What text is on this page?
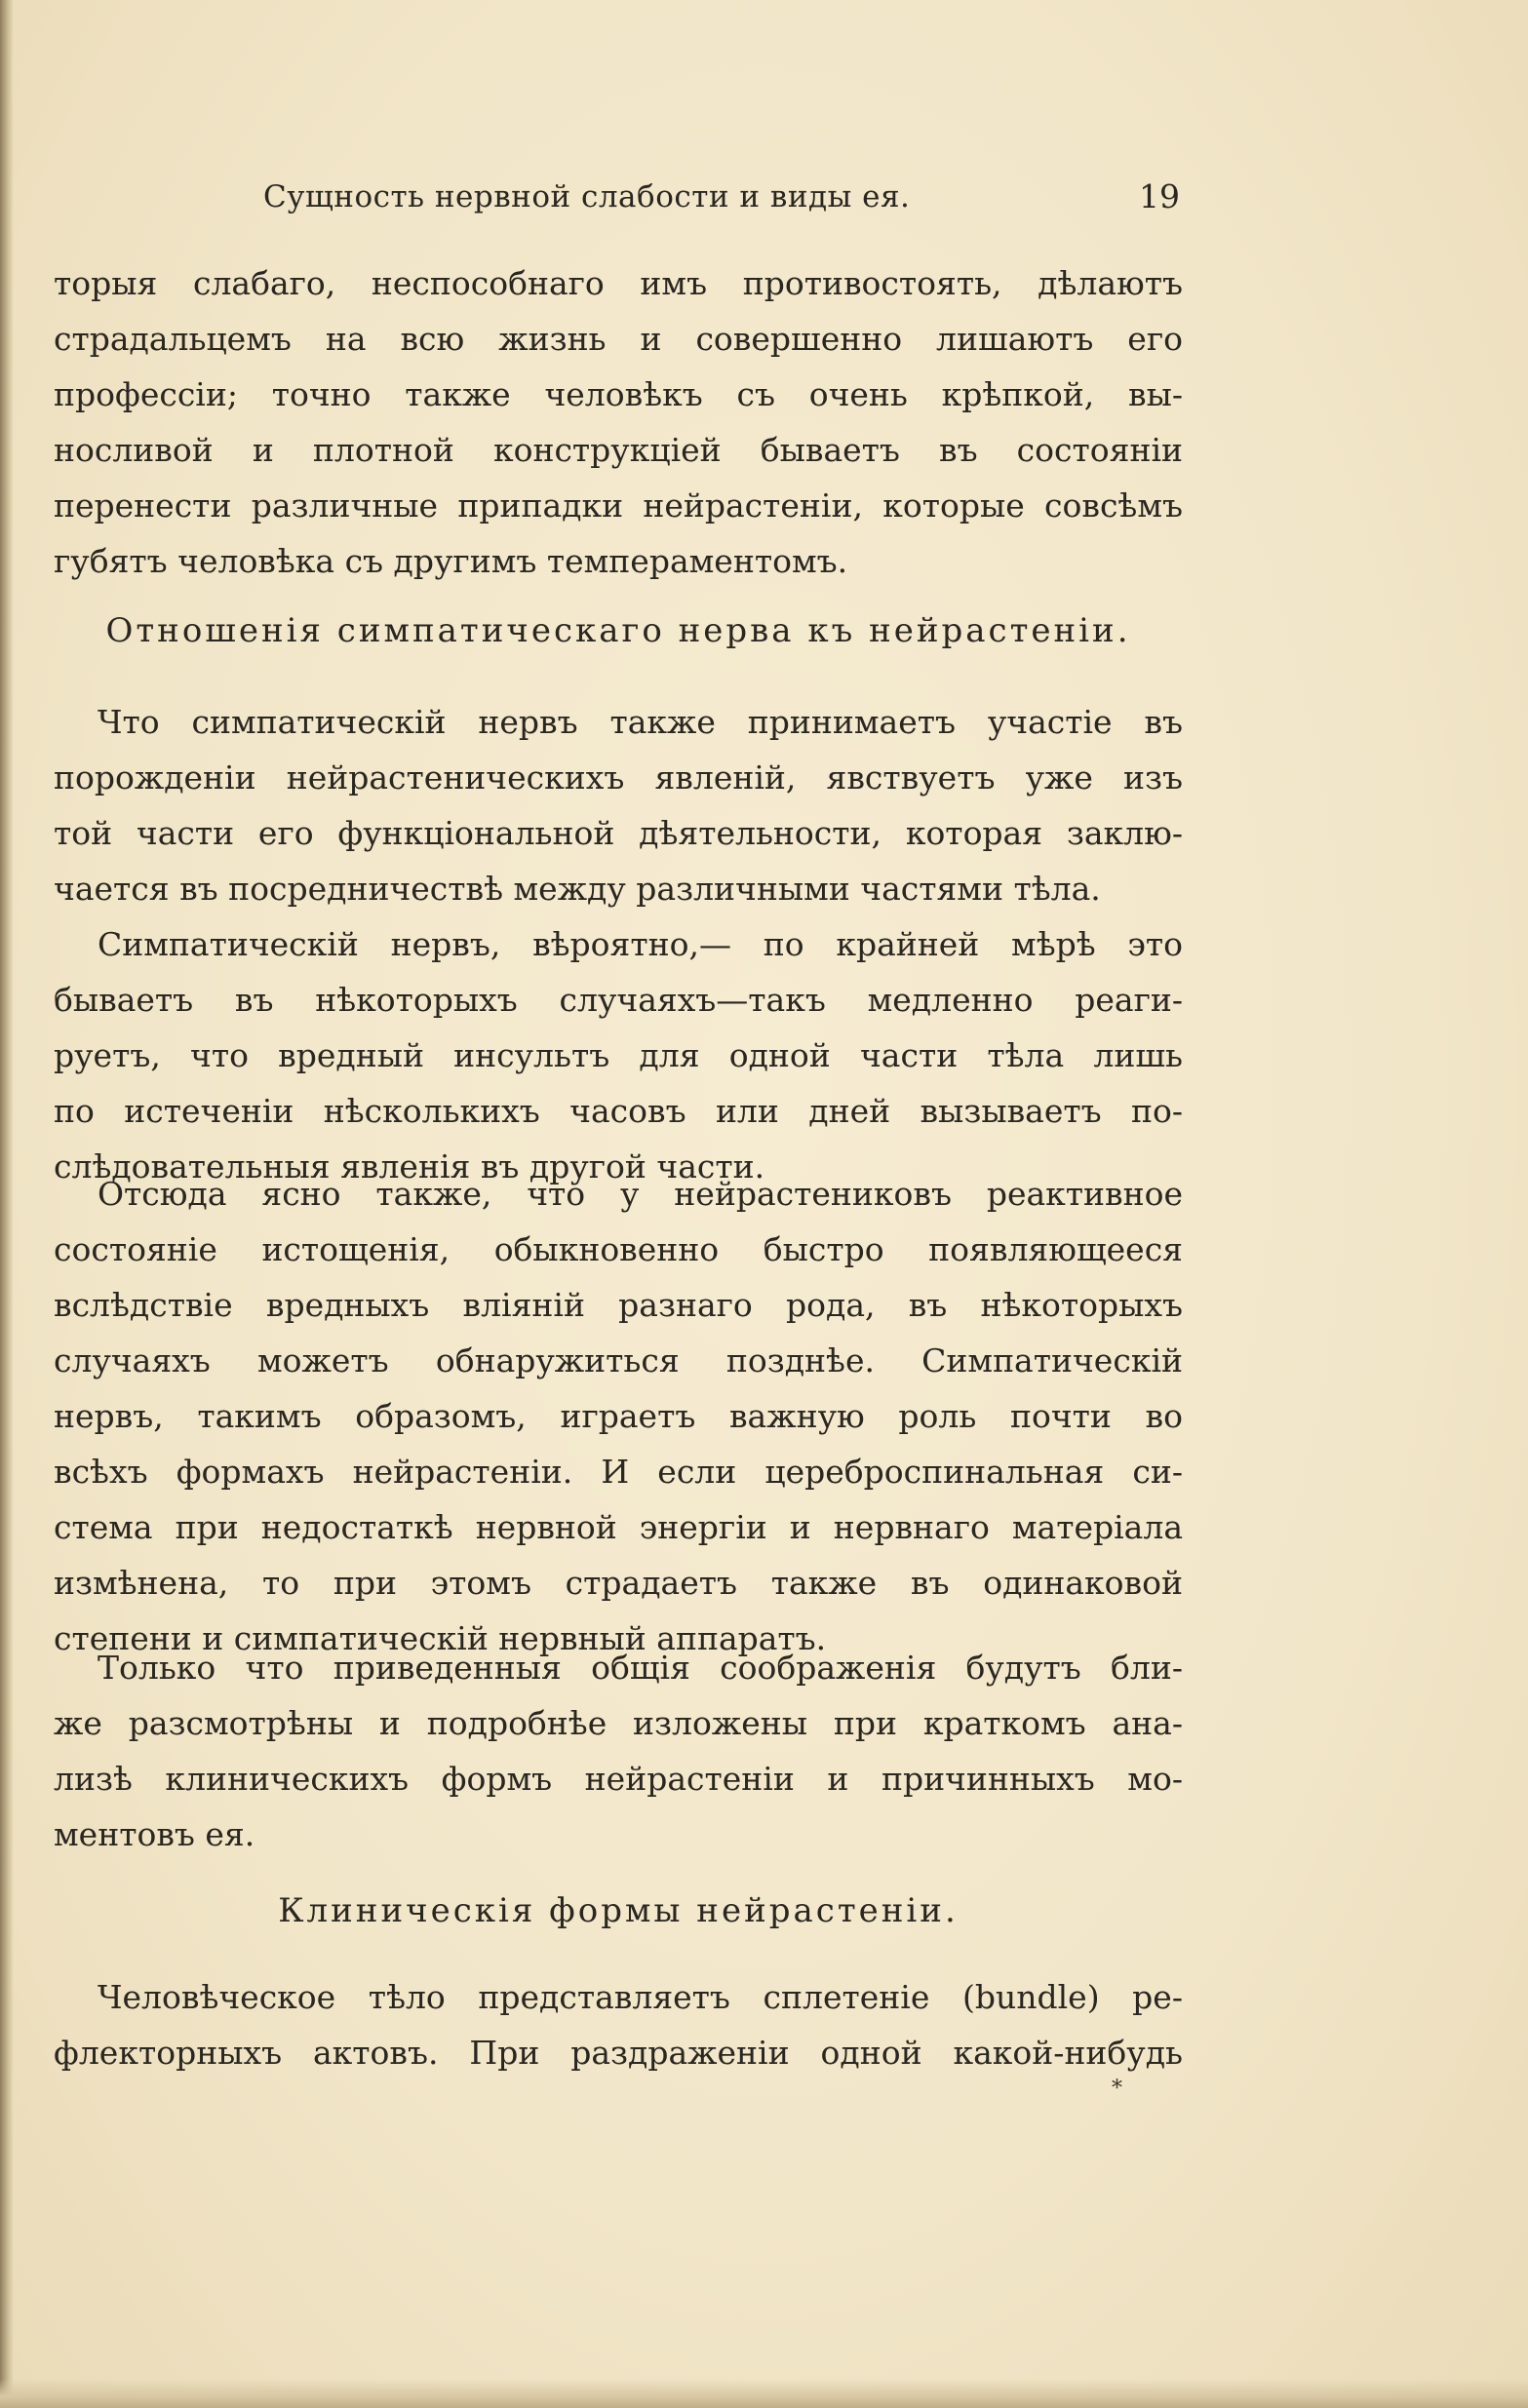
Сущность нервной слабости и виды ея.	19
торыя слабаго, неспособнаго имъ противостоять, дѣлаютъ
страдальцемъ на всю жизнь и совершенно лишаютъ его
профессіи; точно также человѣкъ съ очень крѣпкой, вы-
носливой и плотной конструкціей бываетъ въ состояніи
перенести различные припадки нейрастеніи, которые совсѣмъ
губятъ человѣка съ другимъ темпераментомъ.
Отношенія симпатическаго нерва къ нейрастеніи.
Что симпатическій нервъ также принимаетъ участіе въ
порожденіи нейрастеническихъ явленій, явствуетъ уже изъ
той части его функціональной дѣятельности, которая заклю-
чается въ посредничествѣ между различными частями тѣла.
Симпатическій нервъ, вѣроятно,— по крайней мѣрѣ это
бываетъ въ нѣкоторыхъ случаяхъ—такъ медленно реаги-
руетъ, что вредный инсультъ для одной части тѣла лишь
по истеченіи нѣсколькихъ часовъ или дней вызываетъ по-
слѣдовательныя явленія въ другой части.
Отсюда ясно также, что у нейрастениковъ реактивное
состояніе истощенія, обыкновенно быстро появляющееся
вслѣдствіе вредныхъ вліяній разнаго рода, въ нѣкоторыхъ
случаяхъ можетъ обнаружиться позднѣе. Симпатическій
нервъ, такимъ образомъ, играетъ важную роль почти во
всѣхъ формахъ нейрастеніи. И если цереброспинальная си-
стема при недостаткѣ нервной энергіи и нервнаго матеріала
измѣнена, то при этомъ страдаетъ также въ одинаковой
степени и симпатическій нервный аппаратъ.
Только что приведенныя общія соображенія будутъ бли-
же разсмотрѣны и подробнѣе изложены при краткомъ ана-
лизѣ клиническихъ формъ нейрастеніи и причинныхъ мо-
ментовъ ея.
Клиническія формы нейрастеніи.
Человѣческое тѣло представляетъ сплетеніе (bundle) ре-
флекторныхъ актовъ. При раздраженіи одной какой-нибудь
*
